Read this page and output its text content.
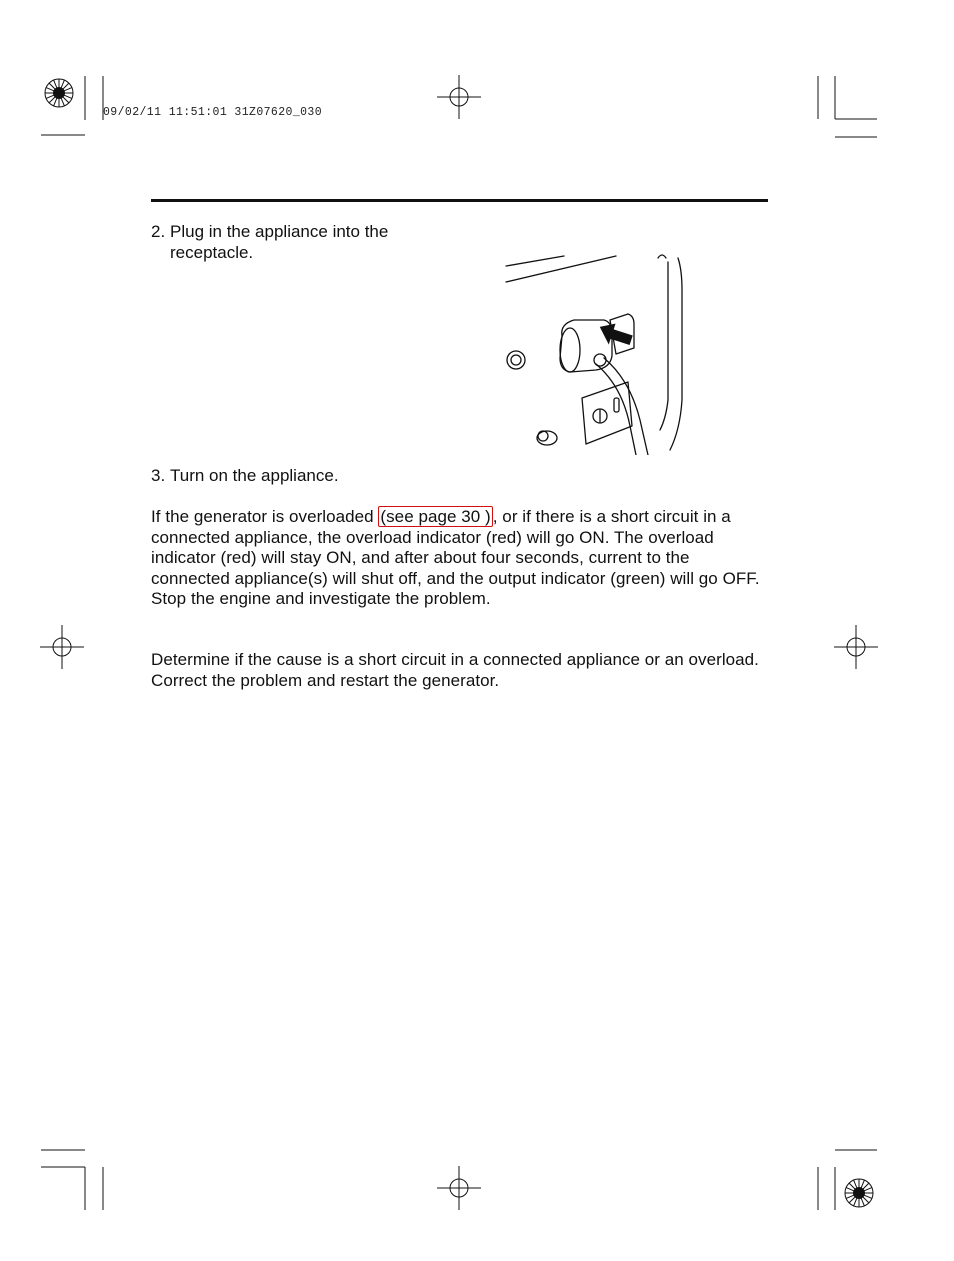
09/02/11 11:51:01 31Z07620_030
2. Plug in the appliance into the
receptacle.
3. Turn on the appliance.
If the generator is overloaded (see page 30 ) , or if there is a short circuit in a connected appliance, the overload indicator (red) will go ON. The overload indicator (red) will stay ON, and after about four seconds, current to the connected appliance(s) will shut off, and the output indicator (green) will go OFF. Stop the engine and investigate the problem.
Determine if the cause is a short circuit in a connected appliance or an overload. Correct the problem and restart the generator.
